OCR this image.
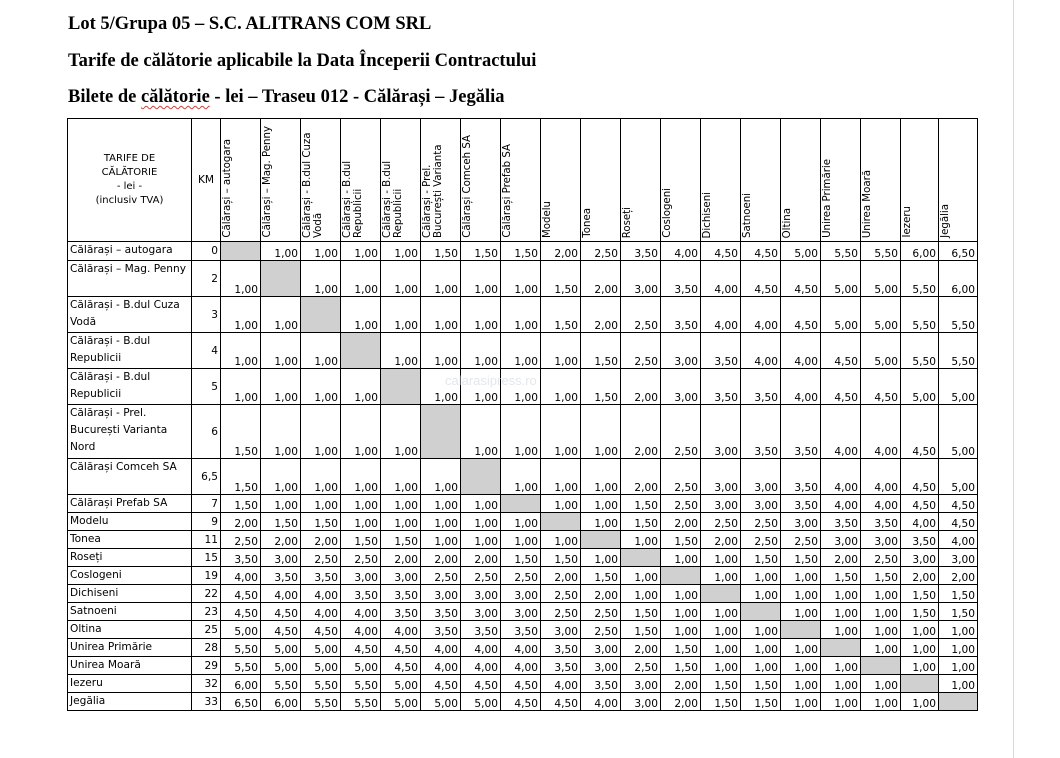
Lot 5/Grupa 05 – S.C. ALITRANS COM SRL
Tarife de călătorie aplicabile la Data Începerii Contractului
Bilete de călătorie - lei – Traseu 012 - Călărași – Jegălia
TARIFE DE
CĂLĂTORIE
- lei -
(inclusiv TVA)	KM	Călărași – autogara	Călărași – Mag. Penny	Călărași - B.dul Cuza Vodă	Călărași - B.dul Republicii	Călărași - B.dul Republicii	Călărași - Prel. București Varianta	Călărași Comceh SA	Călărași Prefab SA	Modelu	Tonea	Roseți	Coslogeni	Dichiseni	Satnoeni	Oltina	Unirea Primărie	Unirea Moară	Iezeru	Jegălia

Călărași – autogara	0		1,00	1,00	1,00	1,00	1,50	1,50	1,50	2,00	2,50	3,50	4,00	4,50	4,50	5,00	5,50	5,50	6,00	6,50
Călărași – Mag. Penny	2	1,00		1,00	1,00	1,00	1,00	1,00	1,00	1,50	2,00	3,00	3,50	4,00	4,50	4,50	5,00	5,00	5,50	6,00
Călărași - B.dul Cuza Vodă	3	1,00	1,00		1,00	1,00	1,00	1,00	1,00	1,50	2,00	2,50	3,50	4,00	4,00	4,50	5,00	5,00	5,50	5,50
Călărași - B.dul Republicii	4	1,00	1,00	1,00		1,00	1,00	1,00	1,00	1,00	1,50	2,50	3,00	3,50	4,00	4,00	4,50	5,00	5,50	5,50
Călărași - B.dul Republicii	5	1,00	1,00	1,00	1,00		1,00	1,00	1,00	1,00	1,50	2,00	3,00	3,50	3,50	4,00	4,50	4,50	5,00	5,00
Călărași - Prel. București Varianta Nord	6	1,50	1,00	1,00	1,00	1,00		1,00	1,00	1,00	1,00	2,00	2,50	3,00	3,50	3,50	4,00	4,00	4,50	5,00
Călărași Comceh SA	6,5	1,50	1,00	1,00	1,00	1,00	1,00		1,00	1,00	1,00	2,00	2,50	3,00	3,00	3,50	4,00	4,00	4,50	5,00
Călărași Prefab SA	7	1,50	1,00	1,00	1,00	1,00	1,00	1,00		1,00	1,00	1,50	2,50	3,00	3,00	3,50	4,00	4,00	4,50	4,50
Modelu	9	2,00	1,50	1,50	1,00	1,00	1,00	1,00	1,00		1,00	1,50	2,00	2,50	2,50	3,00	3,50	3,50	4,00	4,50
Tonea	11	2,50	2,00	2,00	1,50	1,50	1,00	1,00	1,00	1,00		1,00	1,50	2,00	2,50	2,50	3,00	3,00	3,50	4,00
Roseți	15	3,50	3,00	2,50	2,50	2,00	2,00	2,00	1,50	1,50	1,00		1,00	1,00	1,50	1,50	2,00	2,50	3,00	3,00
Coslogeni	19	4,00	3,50	3,50	3,00	3,00	2,50	2,50	2,50	2,00	1,50	1,00		1,00	1,00	1,00	1,50	1,50	2,00	2,00
Dichiseni	22	4,50	4,00	4,00	3,50	3,50	3,00	3,00	3,00	2,50	2,00	1,00	1,00		1,00	1,00	1,00	1,00	1,50	1,50
Satnoeni	23	4,50	4,50	4,00	4,00	3,50	3,50	3,00	3,00	2,50	2,50	1,50	1,00	1,00		1,00	1,00	1,00	1,50	1,50
Oltina	25	5,00	4,50	4,50	4,00	4,00	3,50	3,50	3,50	3,00	2,50	1,50	1,00	1,00	1,00		1,00	1,00	1,00	1,00
Unirea Primărie	28	5,50	5,00	5,00	4,50	4,50	4,00	4,00	4,00	3,50	3,00	2,00	1,50	1,00	1,00	1,00		1,00	1,00	1,00
Unirea Moară	29	5,50	5,00	5,00	5,00	4,50	4,00	4,00	4,00	3,50	3,00	2,50	1,50	1,00	1,00	1,00	1,00		1,00	1,00
Iezeru	32	6,00	5,50	5,50	5,50	5,00	4,50	4,50	4,50	4,00	3,50	3,00	2,00	1,50	1,50	1,00	1,00	1,00		1,00
Jegălia	33	6,50	6,00	5,50	5,50	5,00	5,00	5,00	4,50	4,50	4,00	3,00	2,00	1,50	1,50	1,00	1,00	1,00	1,00	
calarasipress.ro
